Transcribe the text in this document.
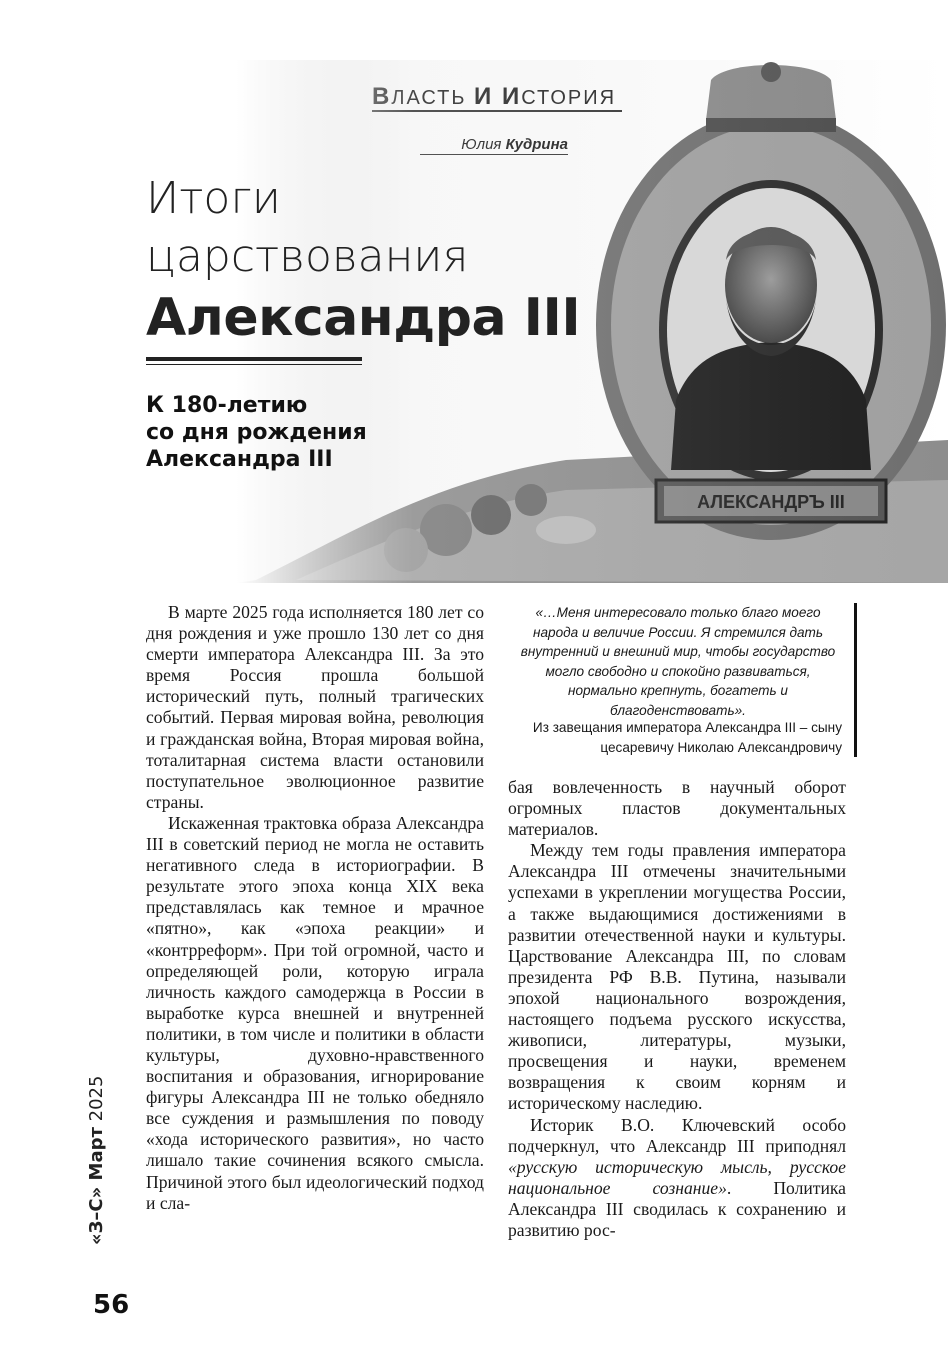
Итоги
царствования
Александра III
К 180-летию
со дня рождения
Александра III
«…Меня интересовало только благо моего народа и величие России. Я стремился дать внутренний и внешний мир, чтобы государство могло свободно и спокойно развиваться, нормально крепнуть, богатеть и благоденствовать».
Из завещания императора Александра III – сыну цесаревичу Николаю Александровичу

В марте 2025 года исполняется 180 лет со дня рождения и уже прошло 130 лет со дня смерти императора Александра III. За это время Россия прошла большой исторический путь, полный трагических событий. Первая мировая война, революция и гражданская война, Вторая мировая война, тоталитарная система власти остановили поступательное эволюционное развитие страны.

Искаженная трактовка образа Александра III в советский период не могла не оставить негативного следа в историографии. В результате этого эпоха конца XIX века представлялась как темное и мрачное «пятно», как «эпоха реакции» и «контрреформ». При той огромной, часто и определяющей роли, которую играла личность каждого самодержца в России в выработке курса внешней и внутренней политики, в том числе и политики в области культуры, духовно-нравственного воспитания и образования, игнорирование фигуры Александра III не только обедняло все суждения и размышления по поводу «хода исторического развития», но часто лишало такие сочинения всякого смысла. Причиной этого был идеологический подход и сла-

бая вовлеченность в научный оборот огромных пластов документальных материалов.

Между тем годы правления императора Александра III отмечены значительными успехами в укреплении могущества России, а также выдающимися достижениями в развитии отечественной науки и культуры. Царствование Александра III, по словам президента РФ В.В. Путина, называли эпохой национального возрождения, настоящего подъема русского искусства, живописи, литературы, музыки, просвещения и науки, временем возвращения к своим корням и историческому наследию.

Историк В.О. Ключевский особо подчеркнул, что Александр III приподнял «русскую историческую мысль, русское национальное сознание». Политика Александра III сводилась к сохранению и развитию рос-

«З–С» Март 2025
56
